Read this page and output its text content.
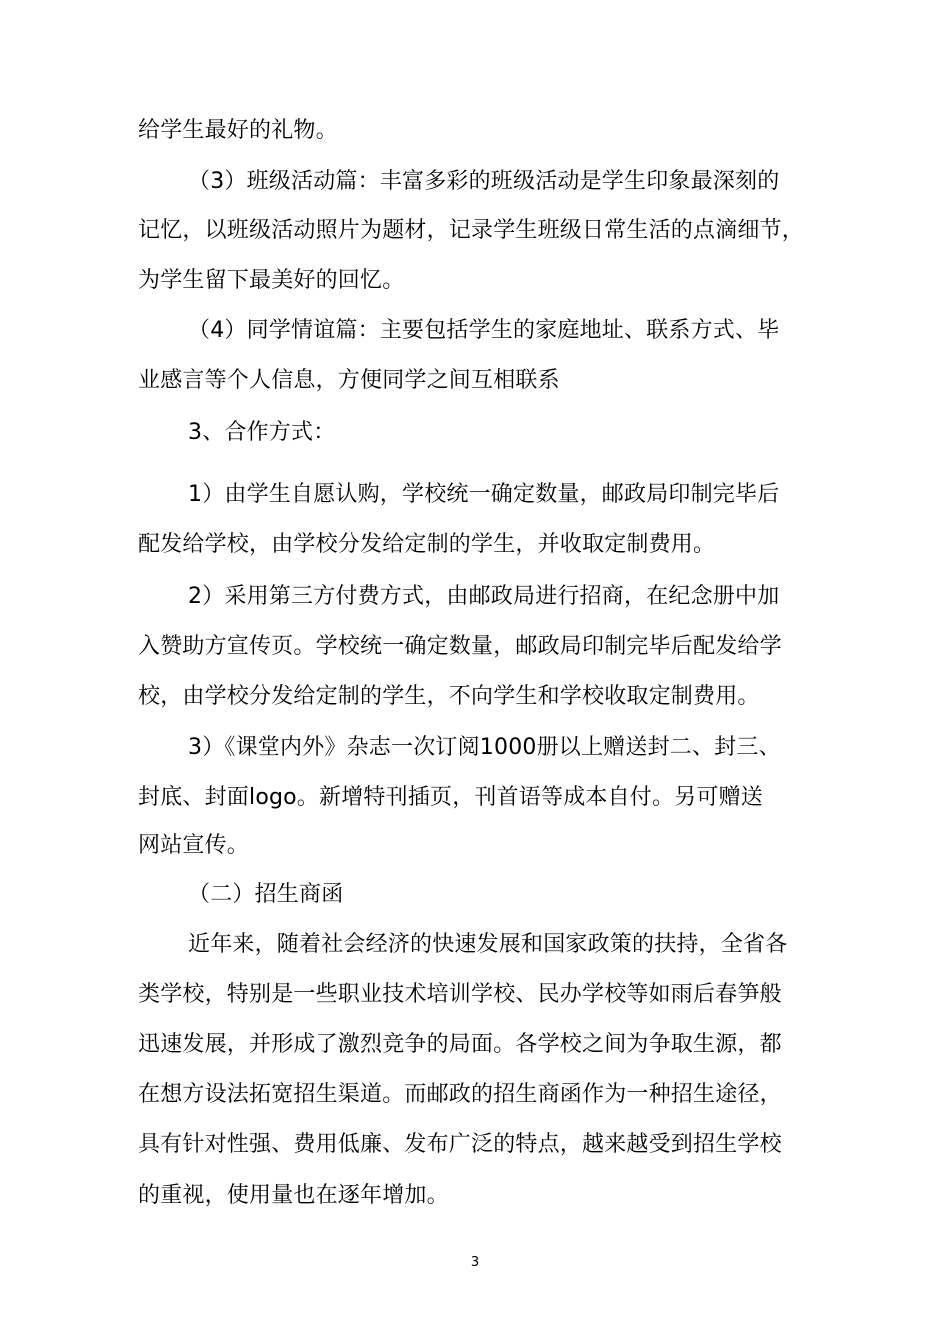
给学生最好的礼物。
（3）班级活动篇：丰富多彩的班级活动是学生印象最深刻的
记忆，以班级活动照片为题材，记录学生班级日常生活的点滴细节，
为学生留下最美好的回忆。
（4）同学情谊篇：主要包括学生的家庭地址、联系方式、毕
业感言等个人信息，方便同学之间互相联系
3、合作方式：
1）由学生自愿认购，学校统一确定数量，邮政局印制完毕后
配发给学校，由学校分发给定制的学生，并收取定制费用。
2）采用第三方付费方式，由邮政局进行招商，在纪念册中加
入赞助方宣传页。学校统一确定数量，邮政局印制完毕后配发给学
校，由学校分发给定制的学生，不向学生和学校收取定制费用。
3）《课堂内外》杂志一次订阅1000册以上赠送封二、封三、
封底、封面logo。新增特刊插页，刊首语等成本自付。另可赠送
网站宣传。
（二）招生商函
近年来，随着社会经济的快速发展和国家政策的扶持，全省各
类学校，特别是一些职业技术培训学校、民办学校等如雨后春笋般
迅速发展，并形成了激烈竞争的局面。各学校之间为争取生源，都
在想方设法拓宽招生渠道。而邮政的招生商函作为一种招生途径，
具有针对性强、费用低廉、发布广泛的特点，越来越受到招生学校
的重视，使用量也在逐年增加。
3
